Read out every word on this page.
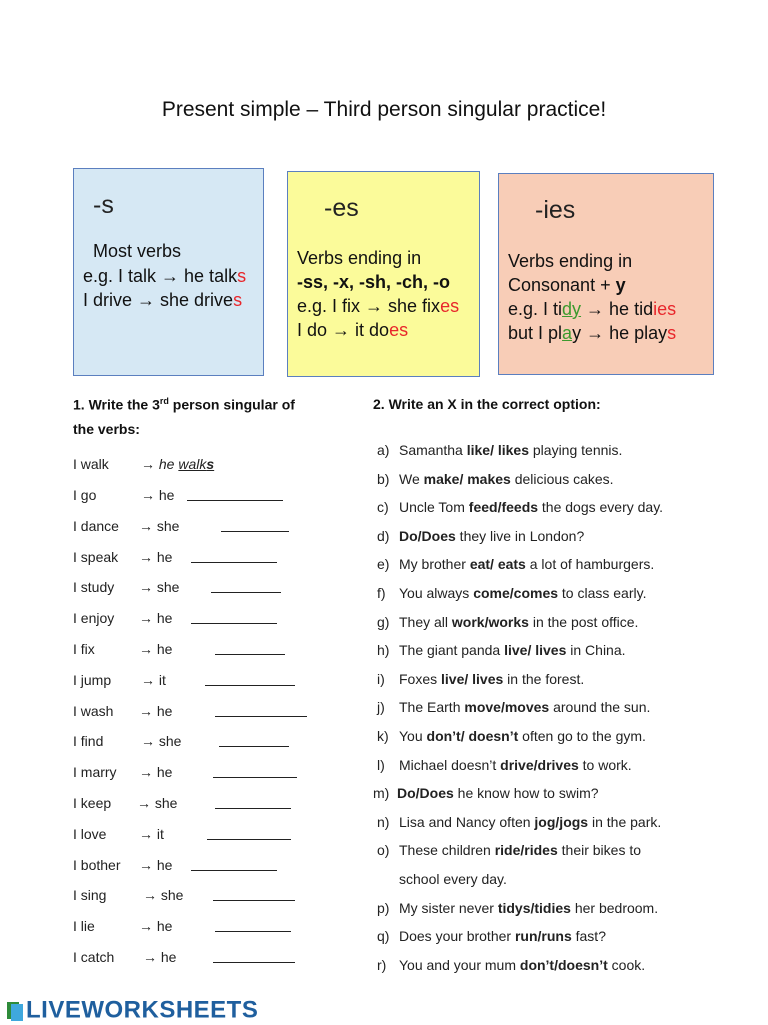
Present simple – Third person singular practice!
-s
Most verbs
e.g. I talk → he talks
I drive → she drives
-es
Verbs ending in
-ss, -x, -sh, -ch, -o
e.g. I fix → she fixes
I do → it does
-ies
Verbs ending in
Consonant + y
e.g. I tidy → he tidies
but I play → he plays
1. Write the 3rd person singular of
the verbs:
I walk → he walks
I go	→ he
I dance → she
I speak → he
I study → she
I enjoy → he
I fix	→ he
I jump → it
I wash → he
I find	→ she
I marry → he
I keep → she
I love → it
I bother → he
I sing	→ she
I lie	→ he
I catch → he
2. Write an X in the correct option:
a) Samantha like/ likes playing tennis.
b) We make/ makes delicious cakes.
c) Uncle Tom feed/feeds the dogs every day.
d) Do/Does they live in London?
e) My brother eat/ eats a lot of hamburgers.
f) You always come/comes to class early.
g) They all work/works in the post office.
h) The giant panda live/ lives in China.
i) Foxes live/ lives in the forest.
j) The Earth move/moves around the sun.
k) You don’t/ doesn’t often go to the gym.
l) Michael doesn’t drive/drives to work.
m) Do/Does he know how to swim?
n) Lisa and Nancy often jog/jogs in the park.
o) These children ride/rides their bikes to
school every day.
p) My sister never tidys/tidies her bedroom.
q) Does your brother run/runs fast?
r) You and your mum don’t/doesn’t cook.
LIVEWORKSHEETS
